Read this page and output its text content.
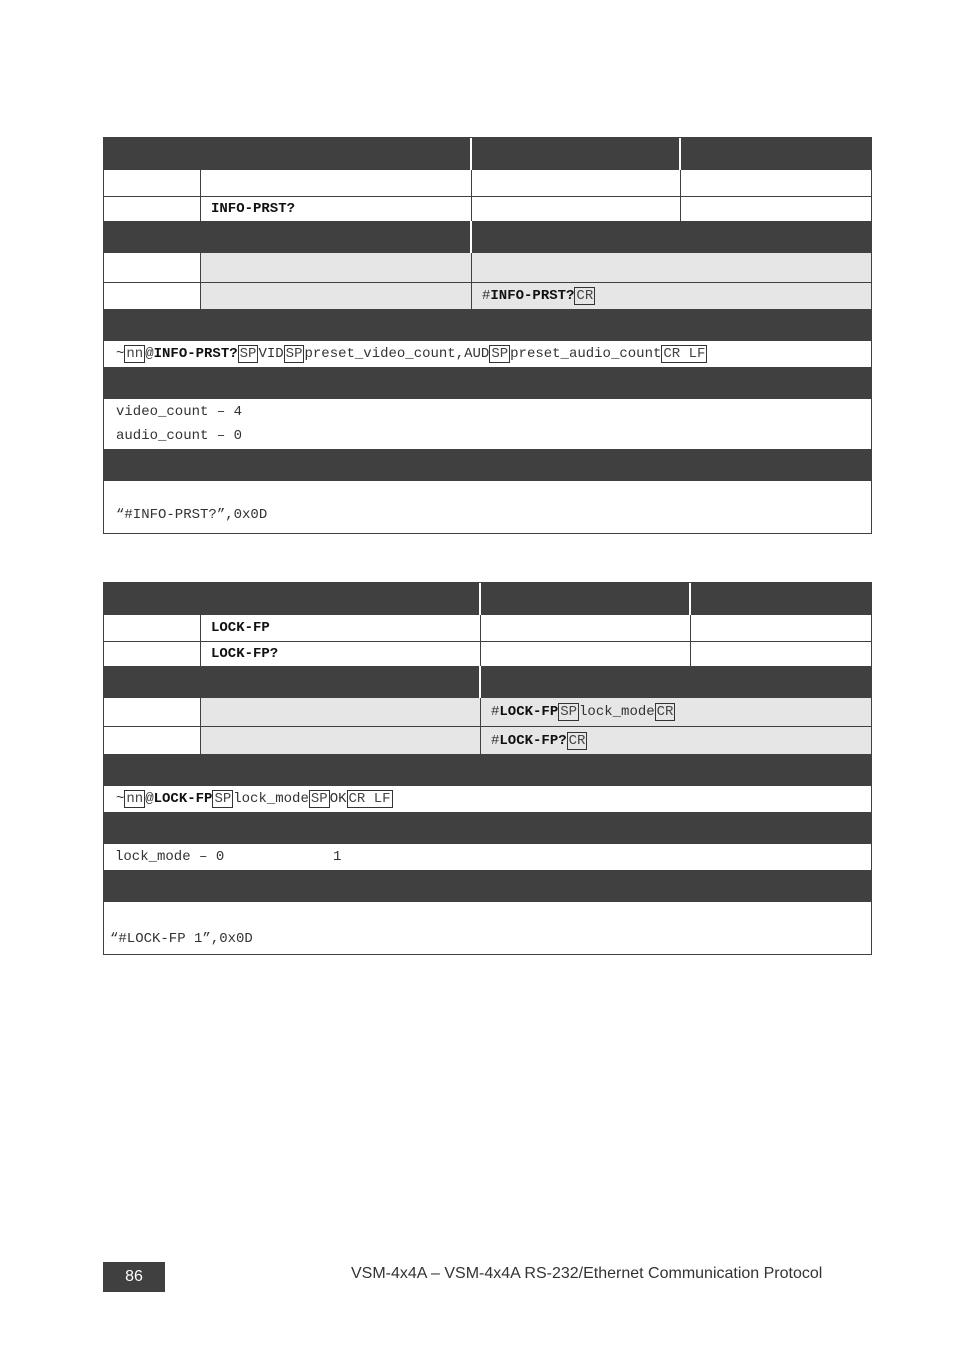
INFO-PRST?
# INFO-PRST? CR
~ nn @ INFO-PRST? SP VID SP preset_video_count,AUD SP preset_audio_count CR LF
video_count – 4
audio_count – 0
“#INFO-PRST?”,0x0D
LOCK-FP
LOCK-FP?
# LOCK-FP SP lock_mode CR
# LOCK-FP? CR
~ nn @ LOCK-FP SP lock_mode SP OK CR LF
lock_mode – 0	1
“#LOCK-FP 1”,0x0D
86	VSM-4x4A – VSM-4x4A RS-232/Ethernet Communication Protocol
